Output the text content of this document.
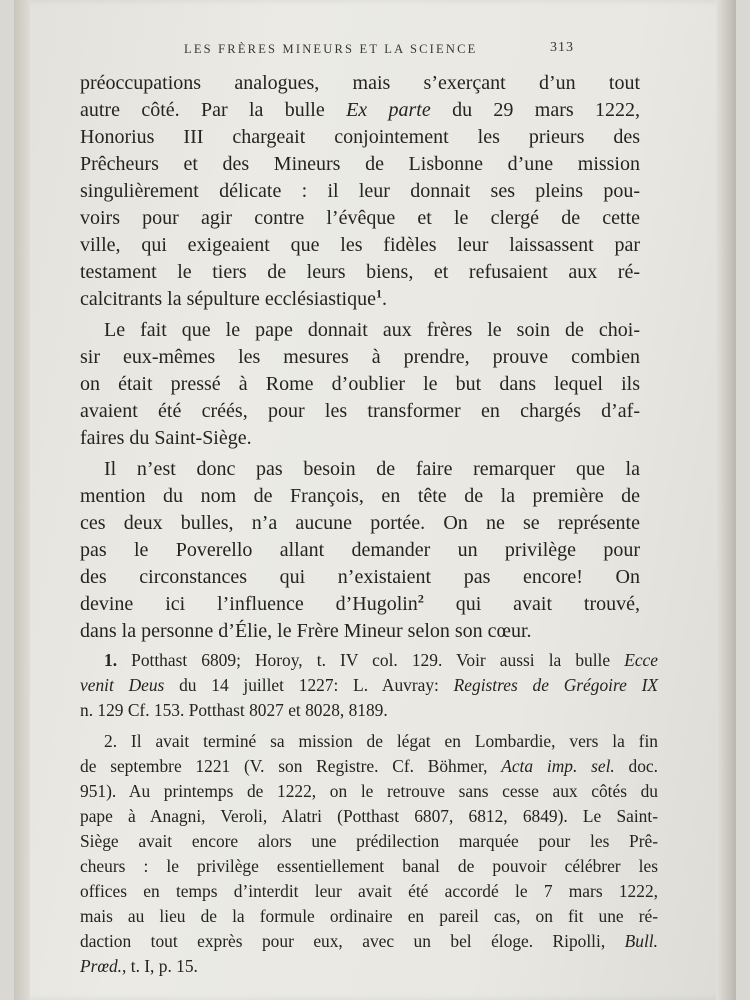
LES FRÈRES MINEURS ET LA SCIENCE	313
préoccupations analogues, mais s’exerçant d’un tout
autre côté. Par la bulle Ex parte du 29 mars 1222,
Honorius III chargeait conjointement les prieurs des
Prêcheurs et des Mineurs de Lisbonne d’une mission
singulièrement délicate : il leur donnait ses pleins pou-
voirs pour agir contre l’évêque et le clergé de cette
ville, qui exigeaient que les fidèles leur laissassent par
testament le tiers de leurs biens, et refusaient aux ré-
calcitrants la sépulture ecclésiastique$^1$.
Le fait que le pape donnait aux frères le soin de choi-
sir eux-mêmes les mesures à prendre, prouve combien
on était pressé à Rome d’oublier le but dans lequel ils
avaient été créés, pour les transformer en chargés d’af-
faires du Saint-Siège.
Il n’est donc pas besoin de faire remarquer que la
mention du nom de François, en tête de la première de
ces deux bulles, n’a aucune portée. On ne se représente
pas le Poverello allant demander un privilège pour
des circonstances qui n’existaient pas encore! On
devine ici l’influence d’Hugolin$^2$ qui avait trouvé,
dans la personne d’Élie, le Frère Mineur selon son cœur.
1. Potthast 6809; Horoy, t. IV col. 129. Voir aussi la bulle Ecce
venit Deus du 14 juillet 1227: L. Auvray: Registres de Grégoire IX
n. 129 Cf. 153. Potthast 8027 et 8028, 8189.
2. Il avait terminé sa mission de légat en Lombardie, vers la fin
de septembre 1221 (V. son Registre. Cf. Böhmer, Acta imp. sel. doc.
951). Au printemps de 1222, on le retrouve sans cesse aux côtés du
pape à Anagni, Veroli, Alatri (Potthast 6807, 6812, 6849). Le Saint-
Siège avait encore alors une prédilection marquée pour les Prê-
cheurs : le privilège essentiellement banal de pouvoir célébrer les
offices en temps d’interdit leur avait été accordé le 7 mars 1222,
mais au lieu de la formule ordinaire en pareil cas, on fit une ré-
daction tout exprès pour eux, avec un bel éloge. Ripolli, Bull.
Prœd., t. I, p. 15.
